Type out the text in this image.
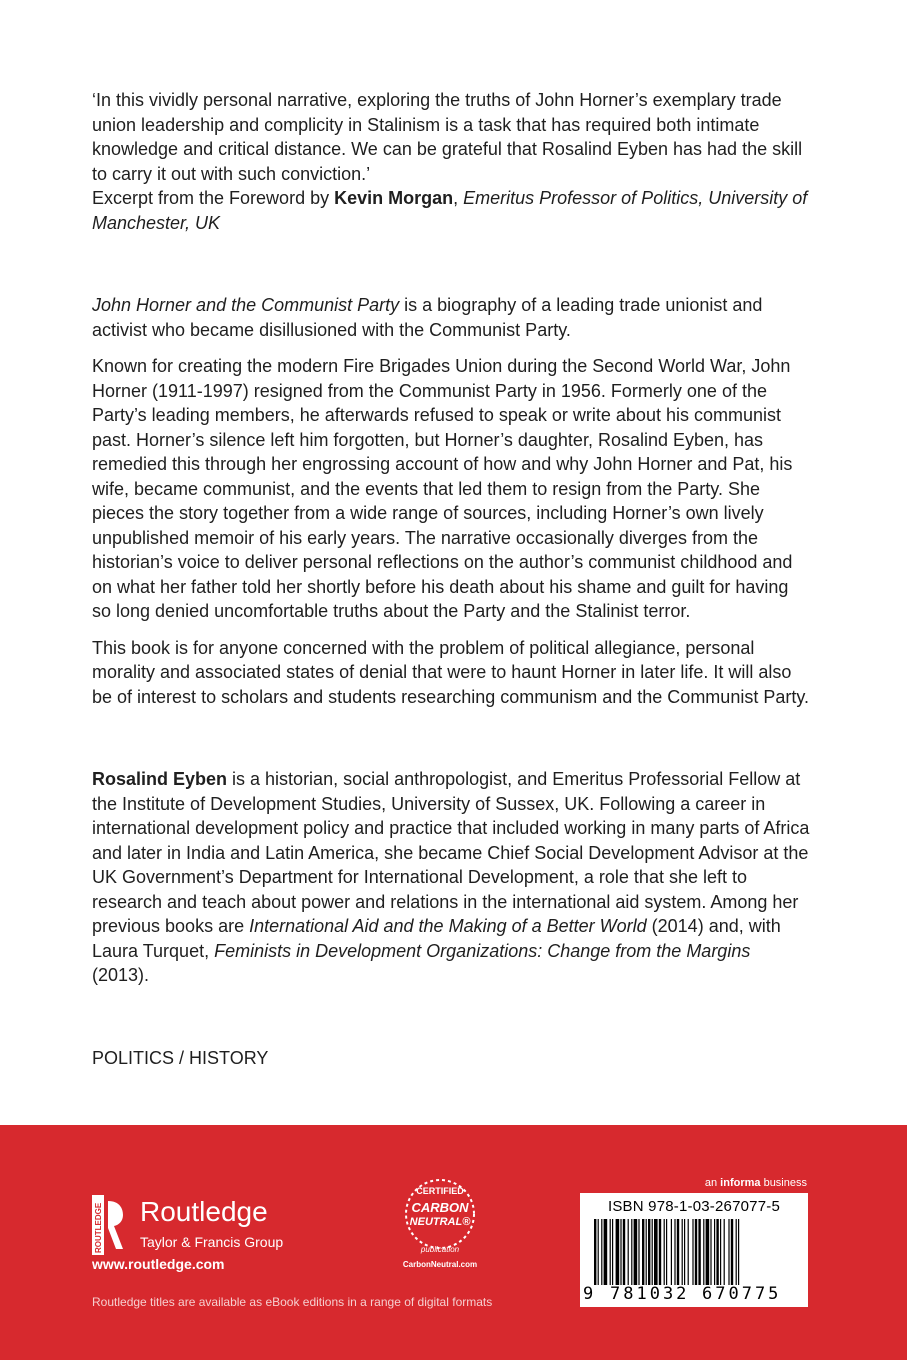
‘In this vividly personal narrative, exploring the truths of John Horner’s exemplary trade union leadership and complicity in Stalinism is a task that has required both intimate knowledge and critical distance. We can be grateful that Rosalind Eyben has had the skill to carry it out with such conviction.’
Excerpt from the Foreword by Kevin Morgan, Emeritus Professor of Politics, University of Manchester, UK

John Horner and the Communist Party is a biography of a leading trade unionist and activist who became disillusioned with the Communist Party.

Known for creating the modern Fire Brigades Union during the Second World War, John Horner (1911-1997) resigned from the Communist Party in 1956. Formerly one of the Party’s leading members, he afterwards refused to speak or write about his communist past. Horner’s silence left him forgotten, but Horner’s daughter, Rosalind Eyben, has remedied this through her engrossing account of how and why John Horner and Pat, his wife, became communist, and the events that led them to resign from the Party. She pieces the story together from a wide range of sources, including Horner’s own lively unpublished memoir of his early years. The narrative occasionally diverges from the historian’s voice to deliver personal reflections on the author’s communist childhood and on what her father told her shortly before his death about his shame and guilt for having so long denied uncomfortable truths about the Party and the Stalinist terror.

This book is for anyone concerned with the problem of political allegiance, personal morality and associated states of denial that were to haunt Horner in later life. It will also be of interest to scholars and students researching communism and the Communist Party.

Rosalind Eyben is a historian, social anthropologist, and Emeritus Professorial Fellow at the Institute of Development Studies, University of Sussex, UK. Following a career in international development policy and practice that included working in many parts of Africa and later in India and Latin America, she became Chief Social Development Advisor at the UK Government’s Department for International Development, a role that she left to research and teach about power and relations in the international aid system. Among her previous books are International Aid and the Making of a Better World (2014) and, with Laura Turquet, Feminists in Development Organizations: Change from the Margins (2013).

POLITICS / HISTORY

ROUTLEDGE Routledge
Taylor & Francis Group
www.routledge.com
CERTIFIED
CARBON
NEUTRAL®
publication
CarbonNeutral.com
Routledge titles are available as eBook editions in a range of digital formats
an informa business
ISBN 978-1-03-267077-5
9 781032 670775
